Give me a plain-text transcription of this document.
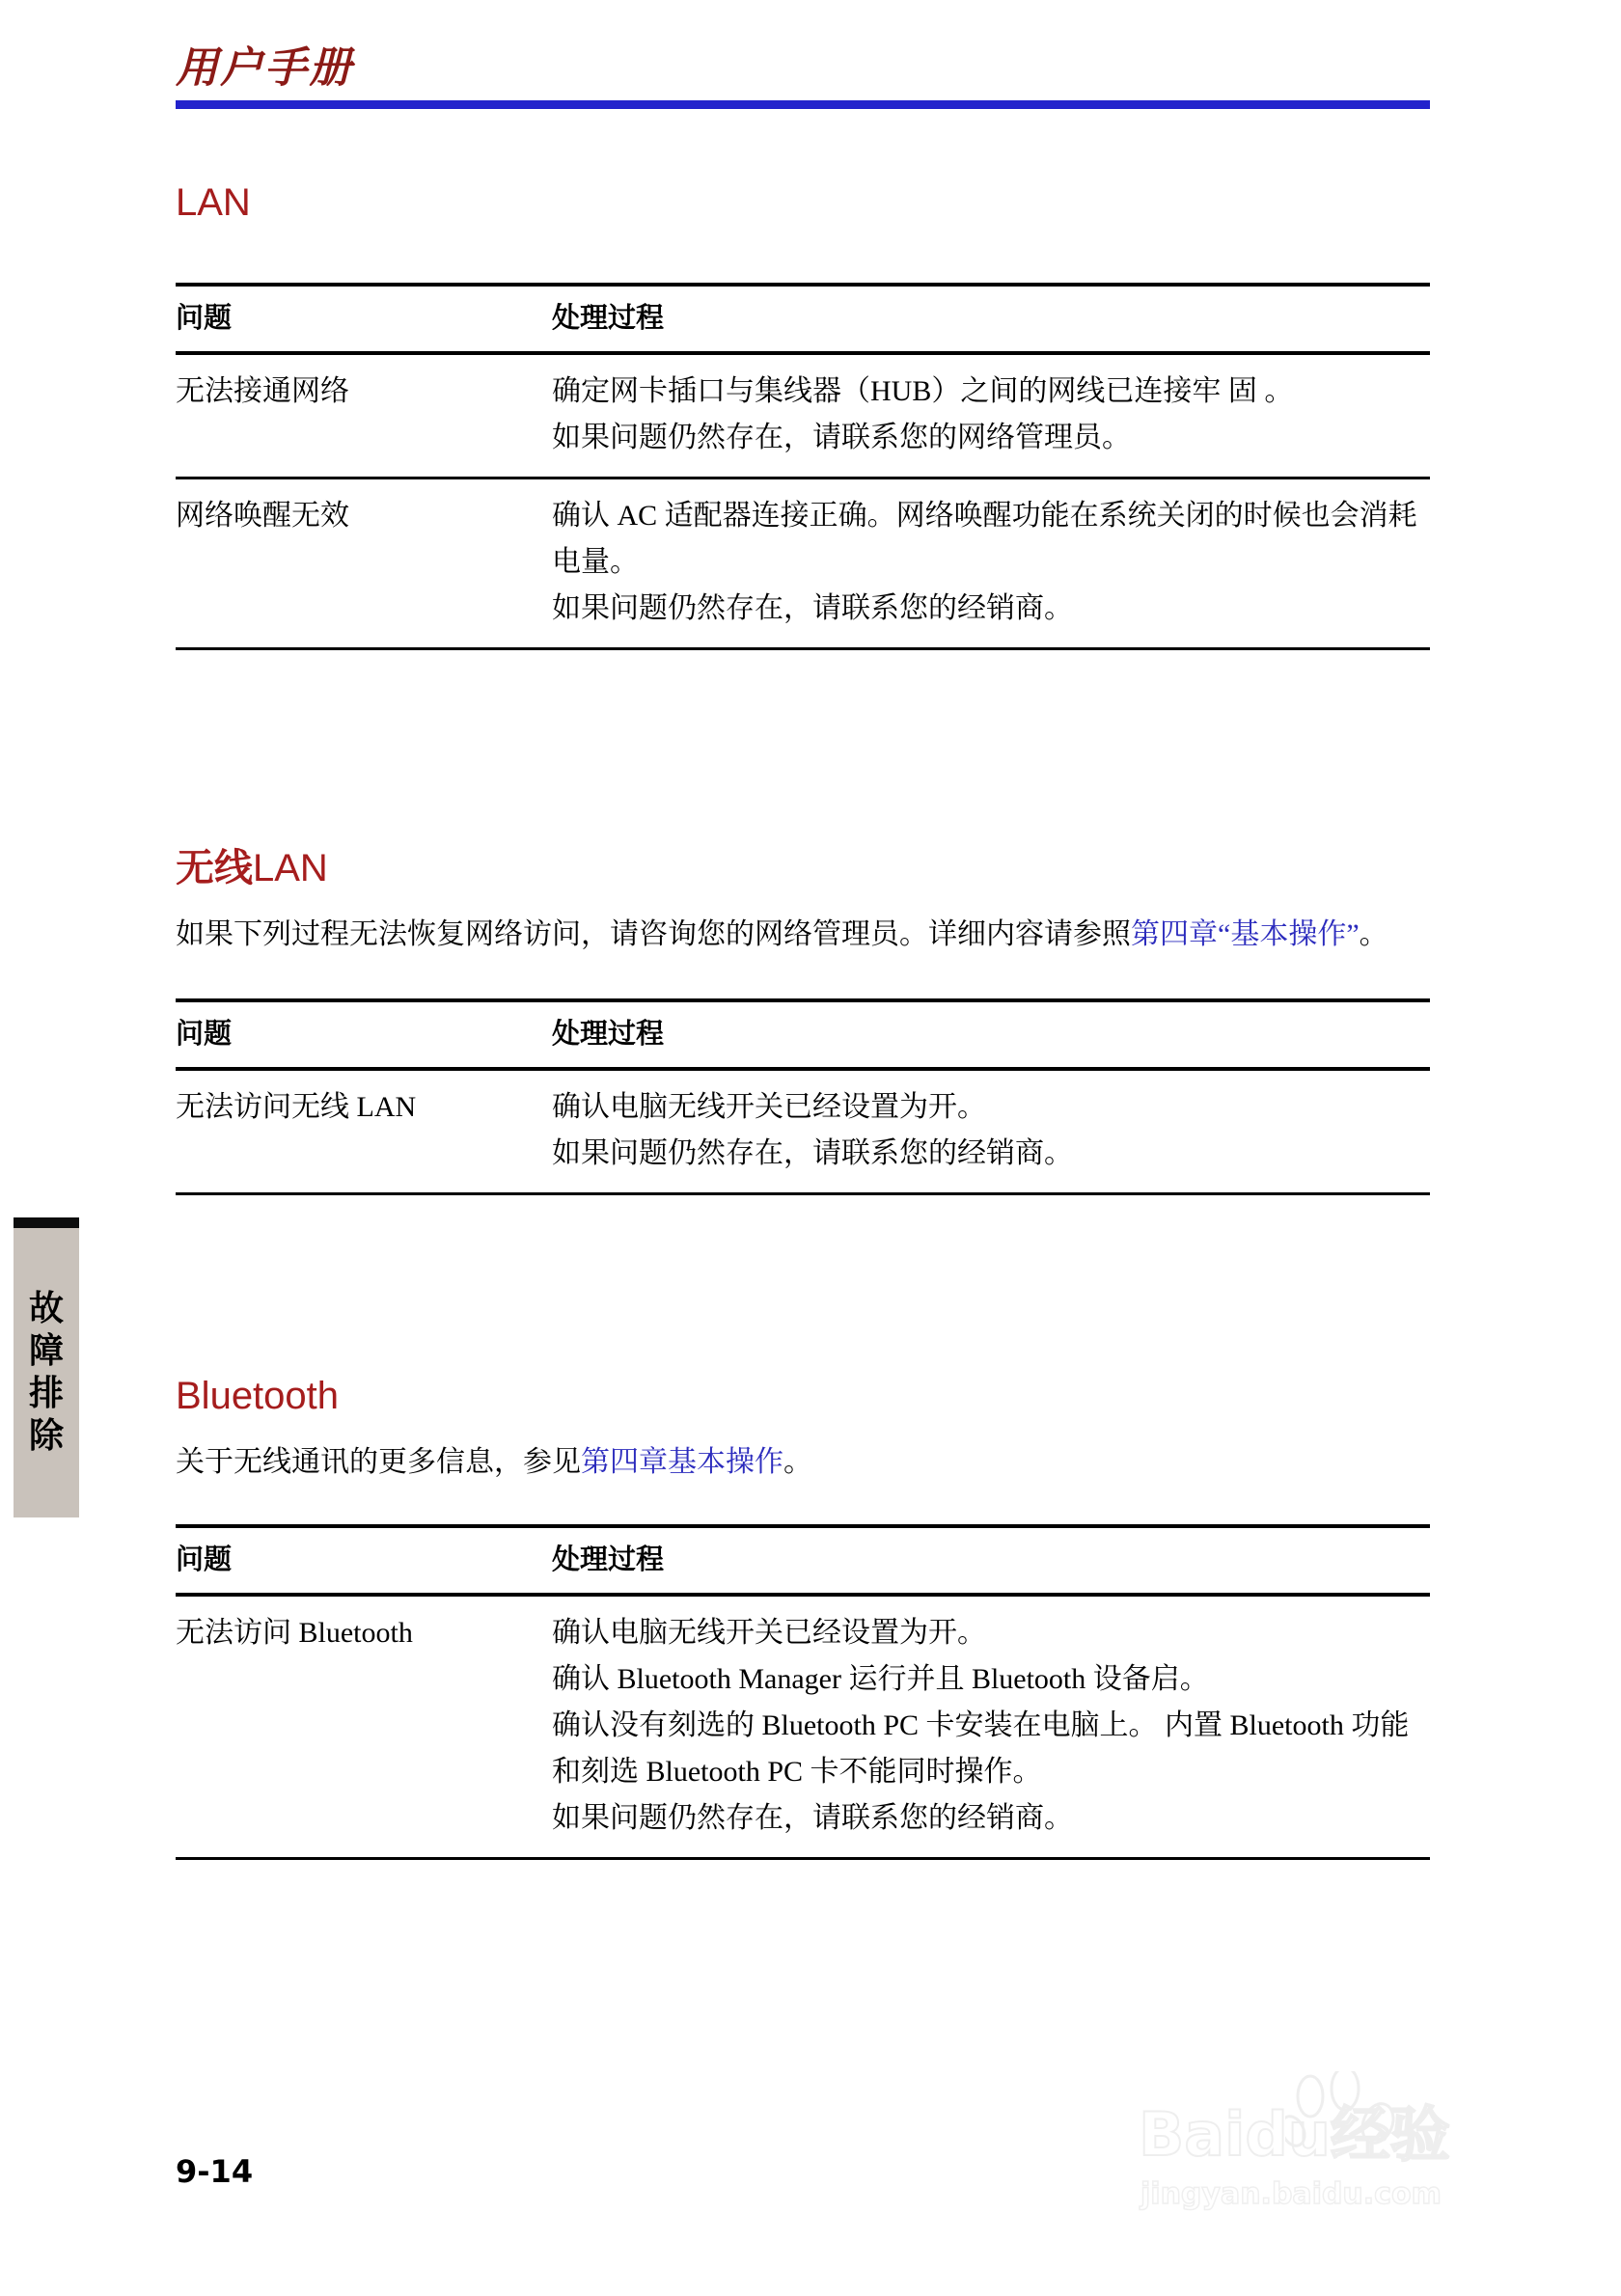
用户手册
故
障
排
除
LAN
问题	处理过程
无法接通网络	确定网卡插口与集线器（HUB）之间的网线已连接牢 固 。

如果问题仍然存在，请联系您的网络管理员。

网络唤醒无效	确认 AC 适配器连接正确。网络唤醒功能在系统关闭的时候也会消耗电量。

如果问题仍然存在，请联系您的经销商。

无线LAN

如果下列过程无法恢复网络访问，请咨询您的网络管理员。详细内容请参照第四章“基本操作”。

问题	处理过程
无法访问无线 LAN	确认电脑无线开关已经设置为开。

如果问题仍然存在，请联系您的经销商。

Bluetooth

关于无线通讯的更多信息，参见第四章基本操作。

问题	处理过程
无法访问 Bluetooth	确认电脑无线开关已经设置为开。

确认 Bluetooth Manager 运行并且 Bluetooth 设备启。

确认没有刻选的 Bluetooth PC 卡安装在电脑上。 内置 Bluetooth 功能和刻选 Bluetooth PC 卡不能同时操作。

如果问题仍然存在，请联系您的经销商。

9-14
Baidu经验
jingyan.baidu.com
